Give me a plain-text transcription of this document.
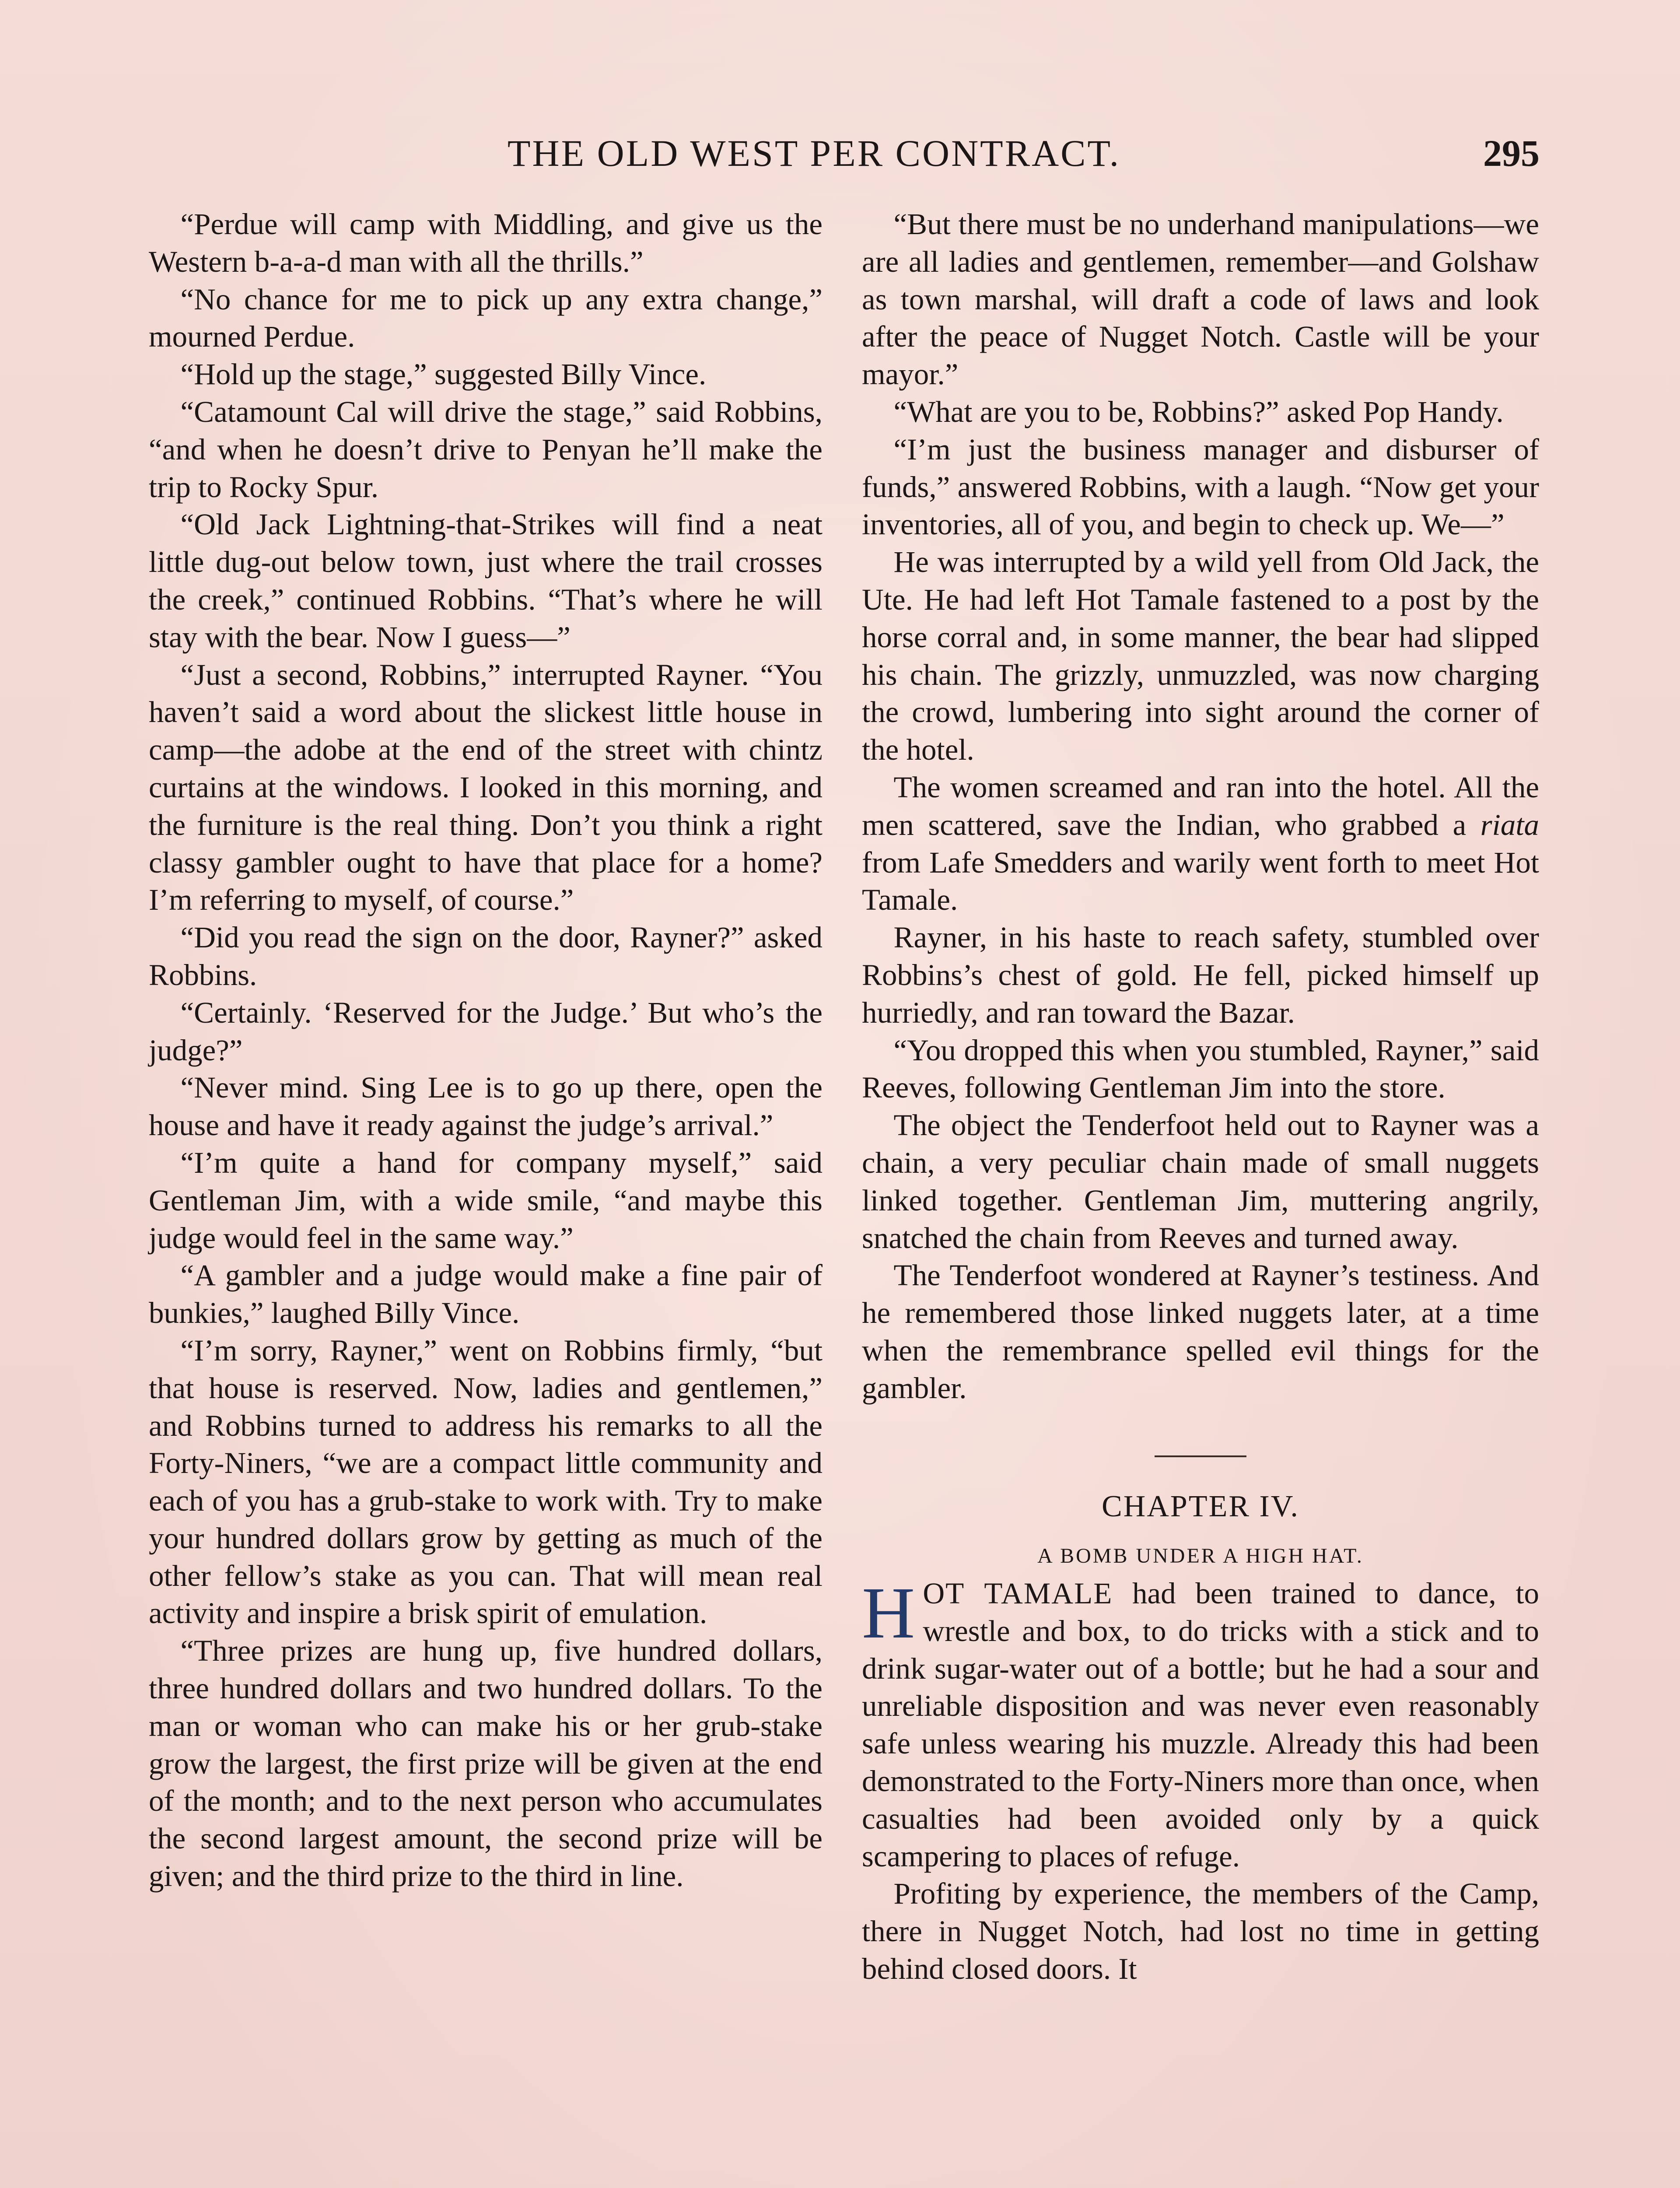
THE OLD WEST PER CONTRACT.	295

“Perdue will camp with Middling, and give us the Western b-a-a-d man with all the thrills.”

“No chance for me to pick up any extra change,” mourned Perdue.

“Hold up the stage,” suggested Billy Vince.

“Catamount Cal will drive the stage,” said Robbins, “and when he doesn’t drive to Penyan he’ll make the trip to Rocky Spur.

“Old Jack Lightning-that-Strikes will find a neat little dug-out below town, just where the trail crosses the creek,” continued Robbins. “That’s where he will stay with the bear. Now I guess—”

“Just a second, Robbins,” interrupted Rayner. “You haven’t said a word about the slickest little house in camp—the adobe at the end of the street with chintz curtains at the windows. I looked in this morning, and the furniture is the real thing. Don’t you think a right classy gambler ought to have that place for a home? I’m referring to myself, of course.”

“Did you read the sign on the door, Rayner?” asked Robbins.

“Certainly. ‘Reserved for the Judge.’ But who’s the judge?”

“Never mind. Sing Lee is to go up there, open the house and have it ready against the judge’s arrival.”

“I’m quite a hand for company myself,” said Gentleman Jim, with a wide smile, “and maybe this judge would feel in the same way.”

“A gambler and a judge would make a fine pair of bunkies,” laughed Billy Vince.

“I’m sorry, Rayner,” went on Robbins firmly, “but that house is reserved. Now, ladies and gentlemen,” and Robbins turned to address his remarks to all the Forty-Niners, “we are a compact little community and each of you has a grub-stake to work with. Try to make your hundred dollars grow by getting as much of the other fellow’s stake as you can. That will mean real activity and inspire a brisk spirit of emulation.

“Three prizes are hung up, five hundred dollars, three hundred dollars and two hundred dollars. To the man or woman who can make his or her grub-stake grow the largest, the first prize will be given at the end of the month; and to the next person who accumulates the second largest amount, the second prize will be given; and the third prize to the third in line.

“But there must be no underhand manipulations—we are all ladies and gentlemen, remember—and Golshaw as town marshal, will draft a code of laws and look after the peace of Nugget Notch. Castle will be your mayor.”

“What are you to be, Robbins?” asked Pop Handy.

“I’m just the business manager and disburser of funds,” answered Robbins, with a laugh. “Now get your inventories, all of you, and begin to check up. We—”

He was interrupted by a wild yell from Old Jack, the Ute. He had left Hot Tamale fastened to a post by the horse corral and, in some manner, the bear had slipped his chain. The grizzly, unmuzzled, was now charging the crowd, lumbering into sight around the corner of the hotel.

The women screamed and ran into the hotel. All the men scattered, save the Indian, who grabbed a riata from Lafe Smedders and warily went forth to meet Hot Tamale.

Rayner, in his haste to reach safety, stumbled over Robbins’s chest of gold. He fell, picked himself up hurriedly, and ran toward the Bazar.

“You dropped this when you stumbled, Rayner,” said Reeves, following Gentleman Jim into the store.

The object the Tenderfoot held out to Rayner was a chain, a very peculiar chain made of small nuggets linked together. Gentleman Jim, muttering angrily, snatched the chain from Reeves and turned away.

The Tenderfoot wondered at Rayner’s testiness. And he remembered those linked nuggets later, at a time when the remembrance spelled evil things for the gambler.

CHAPTER IV.
A BOMB UNDER A HIGH HAT.

HOT TAMALE had been trained to dance, to wrestle and box, to do tricks with a stick and to drink sugar-water out of a bottle; but he had a sour and unreliable disposition and was never even reasonably safe unless wearing his muzzle. Already this had been demonstrated to the Forty-Niners more than once, when casualties had been avoided only by a quick scampering to places of refuge.

Profiting by experience, the members of the Camp, there in Nugget Notch, had lost no time in getting behind closed doors. It
